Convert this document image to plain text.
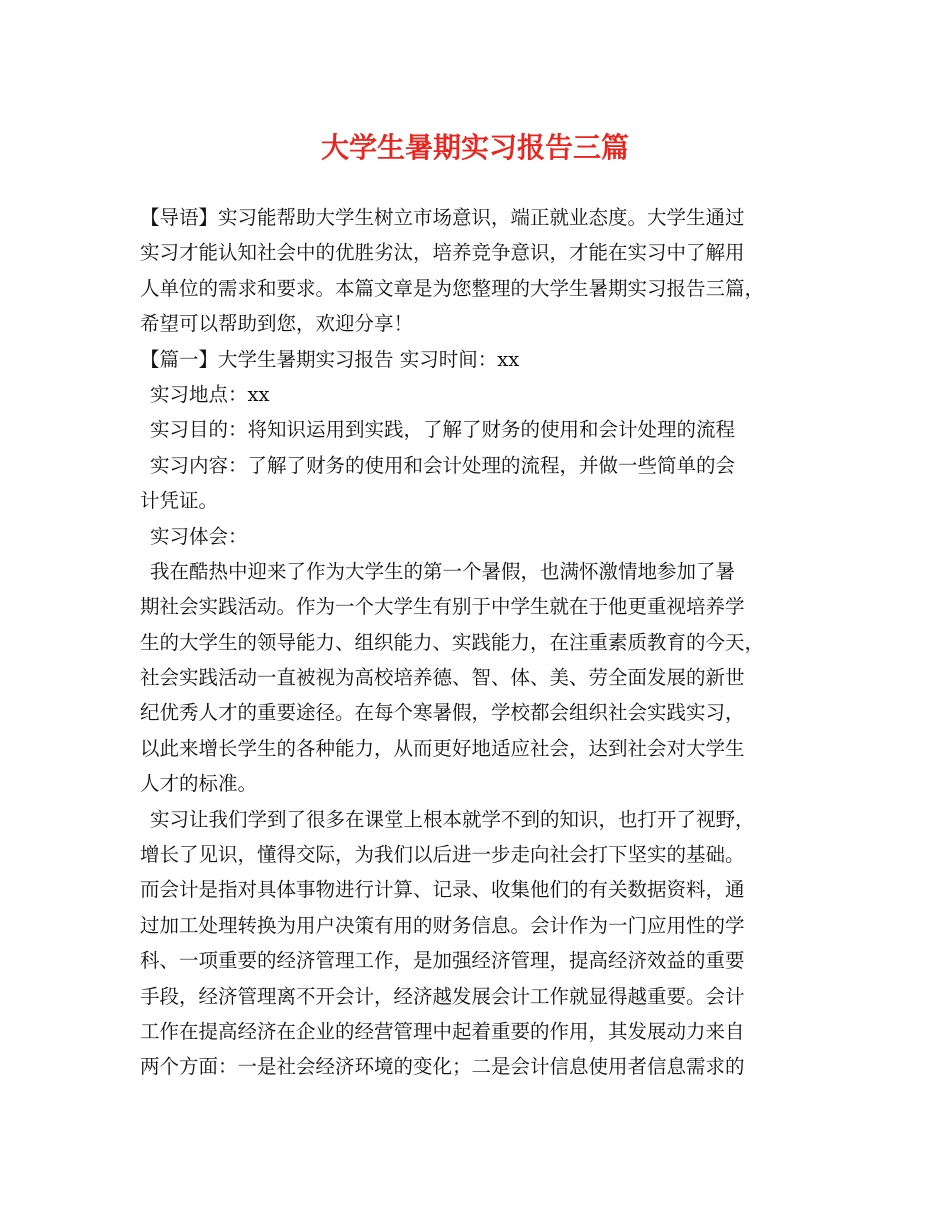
大学生暑期实习报告三篇
【导语】实习能帮助大学生树立市场意识，端正就业态度。大学生通过
实习才能认知社会中的优胜劣汰，培养竞争意识，才能在实习中了解用
人单位的需求和要求。本篇文章是为您整理的大学生暑期实习报告三篇，
希望可以帮助到您，欢迎分享！
【篇一】大学生暑期实习报告 实习时间：xx
实习地点：xx
实习目的：将知识运用到实践，了解了财务的使用和会计处理的流程
实习内容：了解了财务的使用和会计处理的流程，并做一些简单的会
计凭证。
实习体会：
我在酷热中迎来了作为大学生的第一个暑假，也满怀激情地参加了暑
期社会实践活动。作为一个大学生有别于中学生就在于他更重视培养学
生的大学生的领导能力、组织能力、实践能力，在注重素质教育的今天，
社会实践活动一直被视为高校培养德、智、体、美、劳全面发展的新世
纪优秀人才的重要途径。在每个寒暑假，学校都会组织社会实践实习，
以此来增长学生的各种能力，从而更好地适应社会，达到社会对大学生
人才的标准。
实习让我们学到了很多在课堂上根本就学不到的知识，也打开了视野，
增长了见识，懂得交际，为我们以后进一步走向社会打下坚实的基础。
而会计是指对具体事物进行计算、记录、收集他们的有关数据资料，通
过加工处理转换为用户决策有用的财务信息。会计作为一门应用性的学
科、一项重要的经济管理工作，是加强经济管理，提高经济效益的重要
手段，经济管理离不开会计，经济越发展会计工作就显得越重要。会计
工作在提高经济在企业的经营管理中起着重要的作用，其发展动力来自
两个方面：一是社会经济环境的变化；二是会计信息使用者信息需求的
